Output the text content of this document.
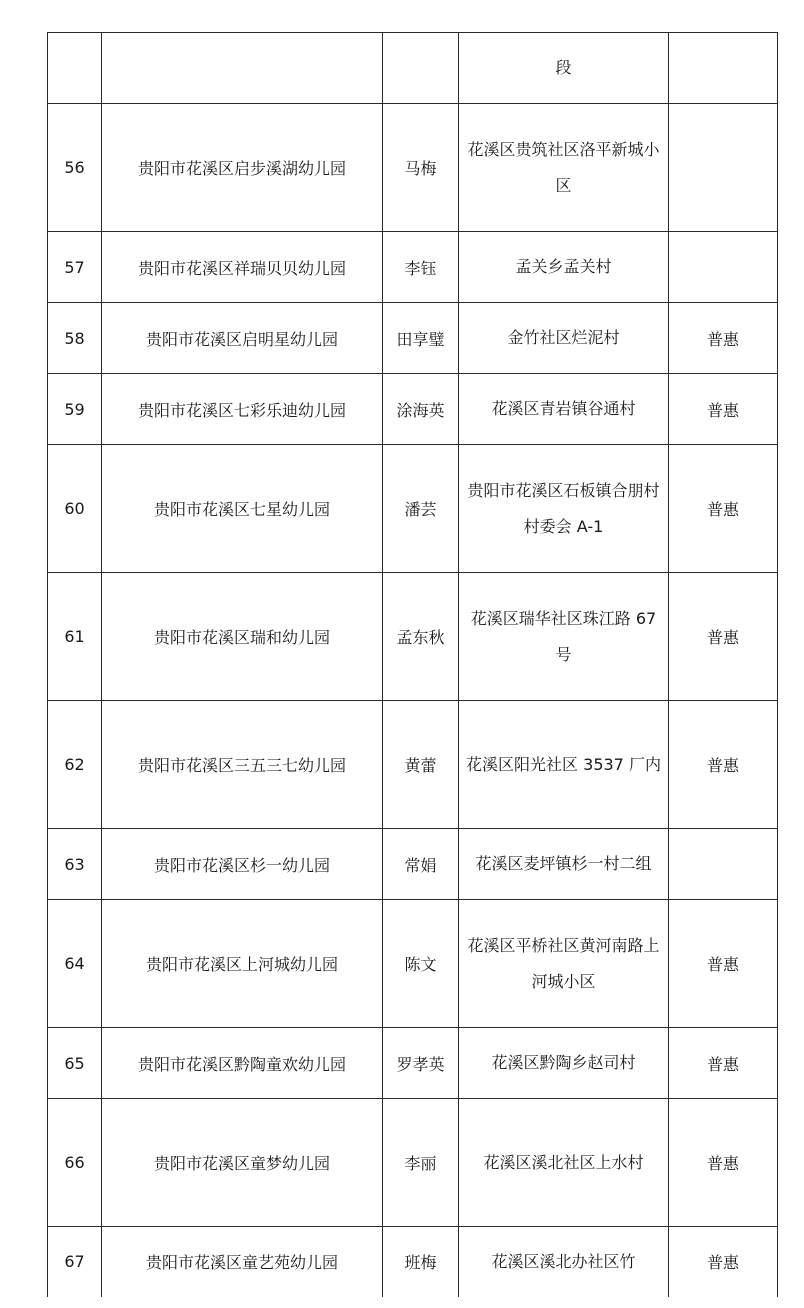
			段	
56	贵阳市花溪区启步溪湖幼儿园	马梅	花溪区贵筑社区洛平新城小区	
57	贵阳市花溪区祥瑞贝贝幼儿园	李钰	孟关乡孟关村	
58	贵阳市花溪区启明星幼儿园	田享璧	金竹社区烂泥村	普惠
59	贵阳市花溪区七彩乐迪幼儿园	涂海英	花溪区青岩镇谷通村	普惠
60	贵阳市花溪区七星幼儿园	潘芸	贵阳市花溪区石板镇合朋村村委会 A-1	普惠
61	贵阳市花溪区瑞和幼儿园	孟东秋	花溪区瑞华社区珠江路 67号	普惠
62	贵阳市花溪区三五三七幼儿园	黄蕾	花溪区阳光社区 3537 厂内	普惠
63	贵阳市花溪区杉一幼儿园	常娟	花溪区麦坪镇杉一村二组	
64	贵阳市花溪区上河城幼儿园	陈文	花溪区平桥社区黄河南路上河城小区	普惠
65	贵阳市花溪区黔陶童欢幼儿园	罗孝英	花溪区黔陶乡赵司村	普惠
66	贵阳市花溪区童梦幼儿园	李丽	花溪区溪北社区上水村	普惠
67	贵阳市花溪区童艺苑幼儿园	班梅	花溪区溪北办社区竹	普惠
